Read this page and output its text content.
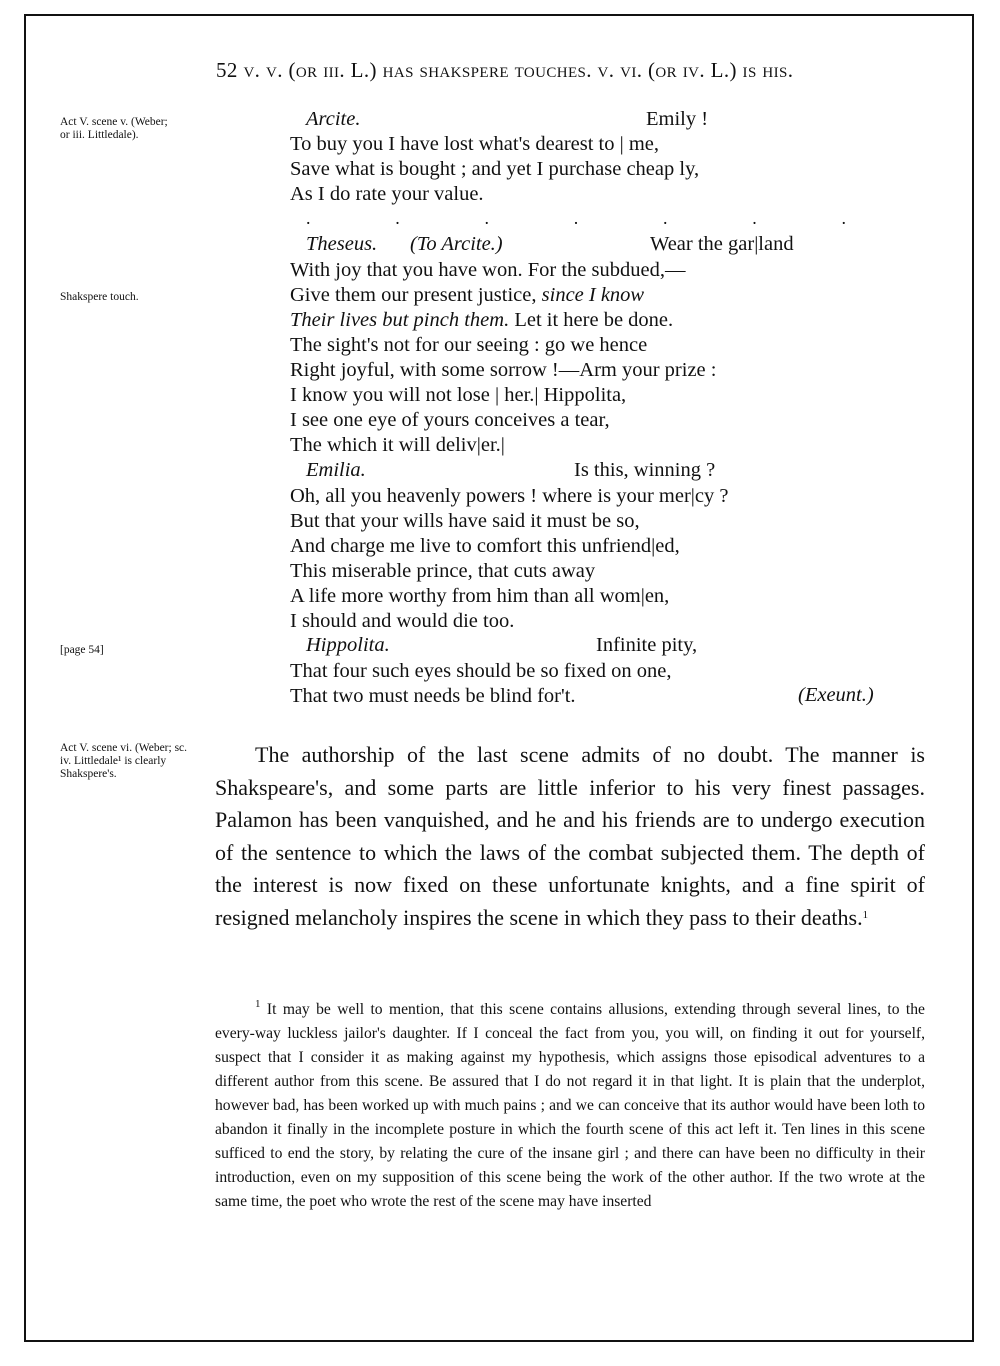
52 v. v. (or iii. L.) has shakspere touches. v. vi. (or iv. L.) is his.
Act V. scene v. (Weber; or iii. Littledale).
Shakspere touch.
[page 54]
Act V. scene vi. (Weber; sc. iv. Littledale¹ is clearly Shakspere's.
Arcite.	Emily !
To buy you I have lost what's dearest to | me,
Save what is bought ; and yet I purchase cheap ly,
As I do rate your value.
.	.	.	.	.	.	.
Theseus. (To Arcite.)	Wear the gar|land
With joy that you have won. For the subdued,—
Give them our present justice, since I know
Their lives but pinch them. Let it here be done.
The sight's not for our seeing : go we hence
Right joyful, with some sorrow !—Arm your prize :
I know you will not lose | her.| Hippolita,
I see one eye of yours conceives a tear,
The which it will deliv|er.|
Emilia.	Is this, winning ?
Oh, all you heavenly powers ! where is your mer|cy ?
But that your wills have said it must be so,
And charge me live to comfort this unfriend|ed,
This miserable prince, that cuts away
A life more worthy from him than all wom|en,
I should and would die too.
Hippolita.	Infinite pity,
That four such eyes should be so fixed on one,
That two must needs be blind for't.	(Exeunt.)
The authorship of the last scene admits of no doubt. The manner is Shakspeare's, and some parts are little inferior to his very finest passages. Palamon has been vanquished, and he and his friends are to undergo execution of the sentence to which the laws of the combat subjected them. The depth of the interest is now fixed on these unfortunate knights, and a fine spirit of resigned melancholy inspires the scene in which they pass to their deaths.$^1$
$^1$ It may be well to mention, that this scene contains allusions, extending through several lines, to the every-way luckless jailor's daughter. If I conceal the fact from you, you will, on finding it out for yourself, suspect that I consider it as making against my hypothesis, which assigns those episodical adventures to a different author from this scene. Be assured that I do not regard it in that light. It is plain that the underplot, however bad, has been worked up with much pains ; and we can conceive that its author would have been loth to abandon it finally in the incomplete posture in which the fourth scene of this act left it. Ten lines in this scene sufficed to end the story, by relating the cure of the insane girl ; and there can have been no difficulty in their introduction, even on my supposition of this scene being the work of the other author. If the two wrote at the same time, the poet who wrote the rest of the scene may have inserted
